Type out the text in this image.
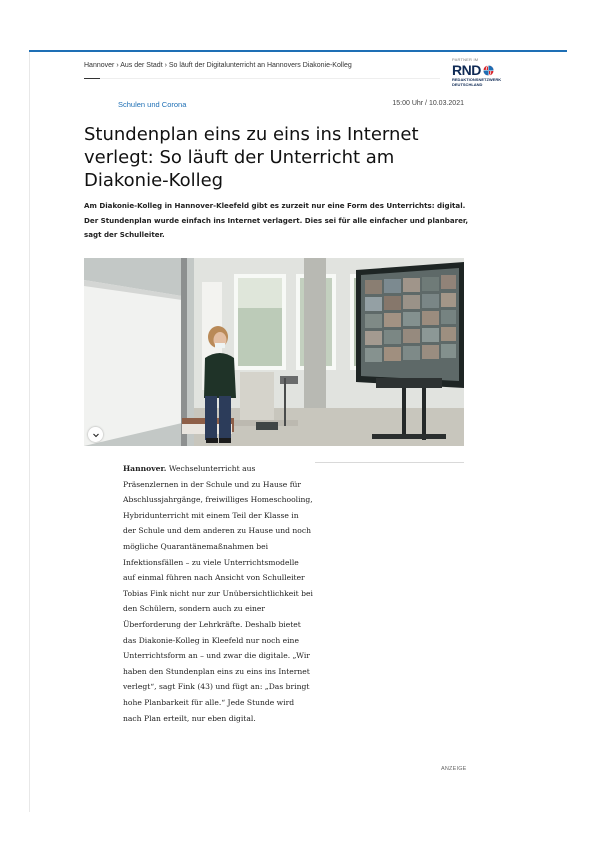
Hannover › Aus der Stadt › So läuft der Digitalunterricht an Hannovers Diakonie-Kolleg
PARTNER IM
RND
REDAKTIONSNETZWERK
DEUTSCHLAND
Schulen und Corona	15:00 Uhr / 10.03.2021
Stundenplan eins zu eins ins Internet verlegt: So läuft der Unterricht am Diakonie-Kolleg

Am Diakonie-Kolleg in Hannover-Kleefeld gibt es zurzeit nur eine Form des Unterrichts: digital. Der Stundenplan wurde einfach ins Internet verlagert. Dies sei für alle einfacher und planbarer, sagt der Schulleiter.

Hannover. Wechselunterricht aus Präsenzlernen in der Schule und zu Hause für Abschlussjahrgänge, freiwilliges Homeschooling, Hybridunterricht mit einem Teil der Klasse in der Schule und dem anderen zu Hause und noch mögliche Quarantänemaßnahmen bei Infektionsfällen – zu viele Unterrichtsmodelle auf einmal führen nach Ansicht von Schulleiter Tobias Fink nicht nur zur Unübersichtlichkeit bei den Schülern, sondern auch zu einer Überforderung der Lehrkräfte. Deshalb bietet das Diakonie-Kolleg in Kleefeld nur noch eine Unterrichtsform an – und zwar die digitale. „Wir haben den Stundenplan eins zu eins ins Internet verlegt“, sagt Fink (43) und fügt an: „Das bringt hohe Planbarkeit für alle.“ Jede Stunde wird nach Plan erteilt, nur eben digital.

ANZEIGE
